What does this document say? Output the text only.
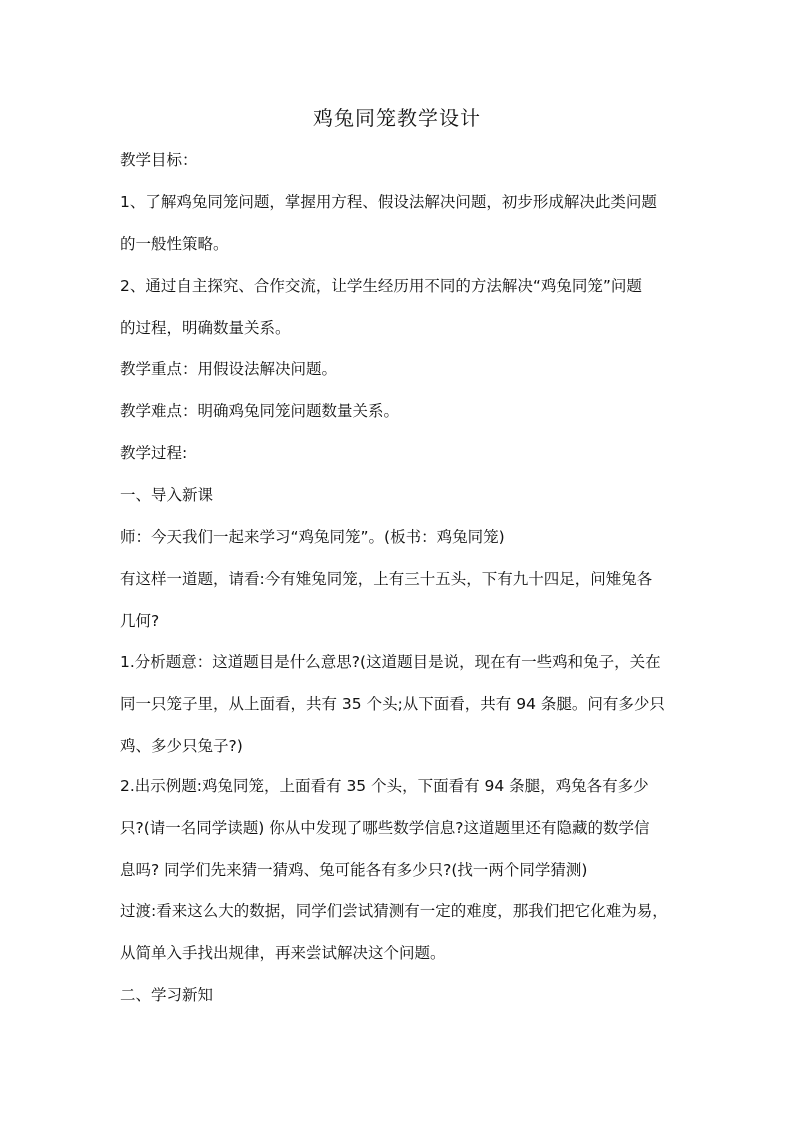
鸡兔同笼教学设计
教学目标：
1、了解鸡兔同笼问题，掌握用方程、假设法解决问题，初步形成解决此类问题
的一般性策略。
2、通过自主探究、合作交流，让学生经历用不同的方法解决“鸡兔同笼”问题
的过程，明确数量关系。
教学重点：用假设法解决问题。
教学难点：明确鸡兔同笼问题数量关系。
教学过程:
一、导入新课
师：今天我们一起来学习“鸡兔同笼”。(板书：鸡兔同笼)
有这样一道题，请看:今有雉兔同笼，上有三十五头，下有九十四足，问雉兔各
几何?
1.分析题意：这道题目是什么意思?(这道题目是说，现在有一些鸡和兔子，关在
同一只笼子里，从上面看，共有 35 个头;从下面看，共有 94 条腿。问有多少只
鸡、多少只兔子?)
2.出示例题:鸡兔同笼，上面看有 35 个头，下面看有 94 条腿，鸡兔各有多少
只?(请一名同学读题) 你从中发现了哪些数学信息?这道题里还有隐藏的数学信
息吗? 同学们先来猜一猜鸡、兔可能各有多少只?(找一两个同学猜测)
过渡:看来这么大的数据，同学们尝试猜测有一定的难度，那我们把它化难为易，
从简单入手找出规律，再来尝试解决这个问题。
二、学习新知
